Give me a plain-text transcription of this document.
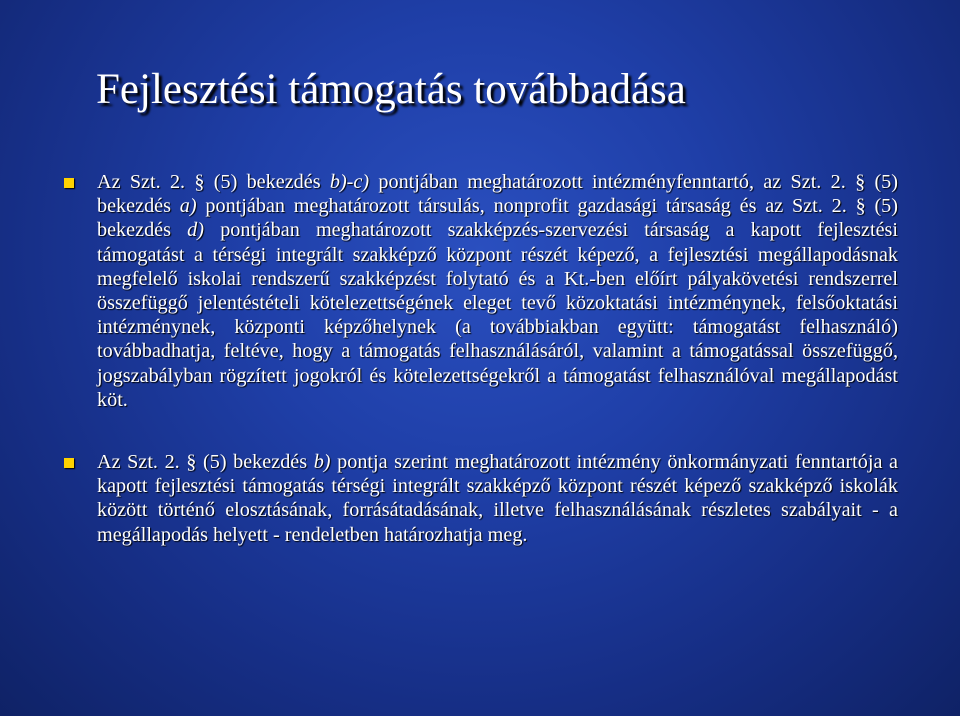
Fejlesztési támogatás továbbadása
Az Szt. 2. § (5) bekezdés b)-c) pontjában meghatározott intézményfenntartó, az Szt. 2. § (5) bekezdés a) pontjában meghatározott társulás, nonprofit gazdasági társaság és az Szt. 2. § (5) bekezdés d) pontjában meghatározott szakképzés-szervezési társaság a kapott fejlesztési támogatást a térségi integrált szakképző központ részét képező, a fejlesztési megállapodásnak megfelelő iskolai rendszerű szakképzést folytató és a Kt.-ben előírt pályakövetési rendszerrel összefüggő jelentéstételi kötelezettségének eleget tevő közoktatási intézménynek, felsőoktatási intézménynek, központi képzőhelynek (a továbbiakban együtt: támogatást felhasználó) továbbadhatja, feltéve, hogy a támogatás felhasználásáról, valamint a támogatással összefüggő, jogszabályban rögzített jogokról és kötelezettségekről a támogatást felhasználóval megállapodást köt.
Az Szt. 2. § (5) bekezdés b) pontja szerint meghatározott intézmény önkormányzati fenntartója a kapott fejlesztési támogatás térségi integrált szakképző központ részét képező szakképző iskolák között történő elosztásának, forrásátadásának, illetve felhasználásának részletes szabályait - a megállapodás helyett - rendeletben határozhatja meg.
